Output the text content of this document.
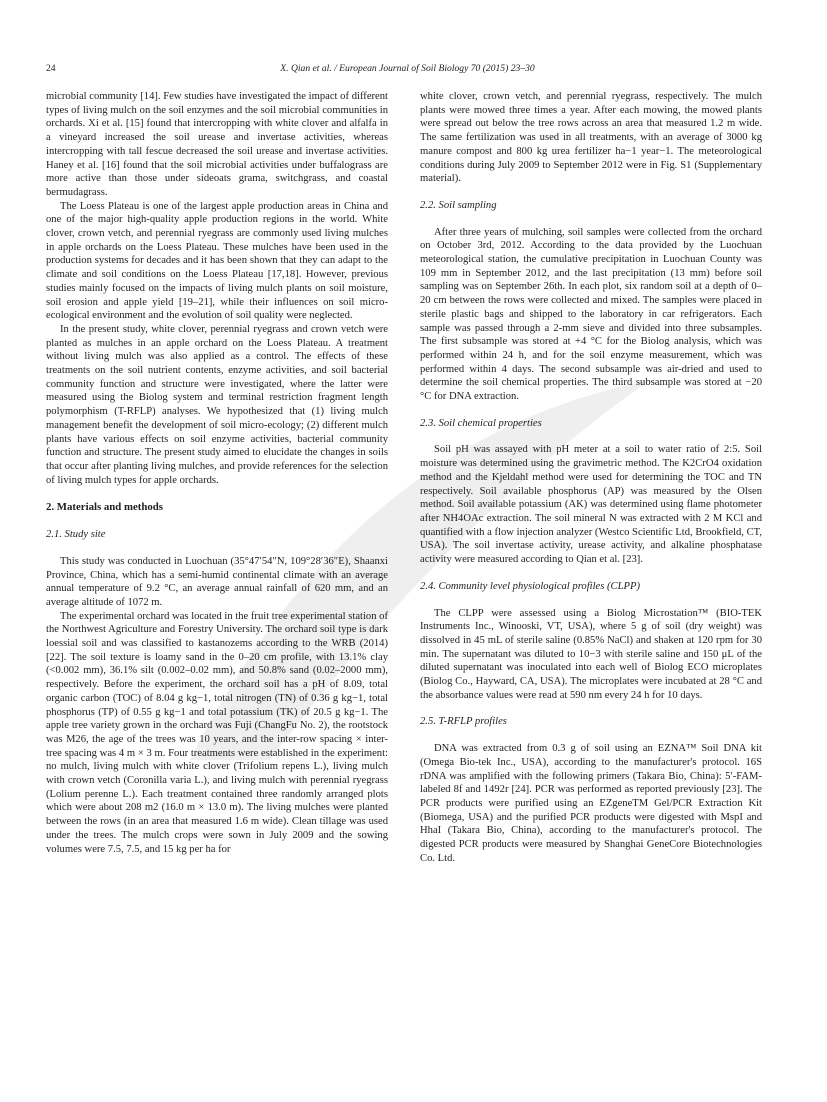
24	X. Qian et al. / European Journal of Soil Biology 70 (2015) 23–30

microbial community [14]. Few studies have investigated the impact of different types of living mulch on the soil enzymes and the soil microbial communities in orchards. Xi et al. [15] found that intercropping with white clover and alfalfa in a vineyard increased the soil urease and invertase activities, whereas intercropping with tall fescue decreased the soil urease and invertase activities. Haney et al. [16] found that the soil microbial activities under buffalograss are more active than those under sideoats grama, switchgrass, and coastal bermudagrass.

The Loess Plateau is one of the largest apple production areas in China and one of the major high-quality apple production regions in the world. White clover, crown vetch, and perennial ryegrass are commonly used living mulches in apple orchards on the Loess Plateau. These mulches have been used in the production systems for decades and it has been shown that they can adapt to the climate and soil conditions on the Loess Plateau [17,18]. However, previous studies mainly focused on the impacts of living mulch plants on soil moisture, soil erosion and apple yield [19–21], while their influences on soil micro-ecological environment and the evolution of soil quality were neglected.

In the present study, white clover, perennial ryegrass and crown vetch were planted as mulches in an apple orchard on the Loess Plateau. A treatment without living mulch was also applied as a control. The effects of these treatments on the soil nutrient contents, enzyme activities, and soil bacterial community function and structure were investigated, where the latter were measured using the Biolog system and terminal restriction fragment length polymorphism (T-RFLP) analyses. We hypothesized that (1) living mulch management benefit the development of soil micro-ecology; (2) different mulch plants have various effects on soil enzyme activities, bacterial community function and structure. The present study aimed to elucidate the changes in soils that occur after planting living mulches, and provide references for the selection of living mulch types for apple orchards.

2. Materials and methods
2.1. Study site

This study was conducted in Luochuan (35°47′54″N, 109°28′36″E), Shaanxi Province, China, which has a semi-humid continental climate with an average annual temperature of 9.2 °C, an average annual rainfall of 620 mm, and an average altitude of 1072 m.

The experimental orchard was located in the fruit tree experimental station of the Northwest Agriculture and Forestry University. The orchard soil type is dark loessial soil and was classified to kastanozems according to the WRB (2014) [22]. The soil texture is loamy sand in the 0–20 cm profile, with 13.1% clay (<0.002 mm), 36.1% silt (0.002–0.02 mm), and 50.8% sand (0.02–2000 mm), respectively. Before the experiment, the orchard soil has a pH of 8.09, total organic carbon (TOC) of 8.04 g kg−1, total nitrogen (TN) of 0.36 g kg−1, total phosphorus (TP) of 0.55 g kg−1 and total potassium (TK) of 20.5 g kg−1. The apple tree variety grown in the orchard was Fuji (ChangFu No. 2), the rootstock was M26, the age of the trees was 10 years, and the inter-row spacing × inter-tree spacing was 4 m × 3 m. Four treatments were established in the experiment: no mulch, living mulch with white clover (Trifolium repens L.), living mulch with crown vetch (Coronilla varia L.), and living mulch with perennial ryegrass (Lolium perenne L.). Each treatment contained three randomly arranged plots which were about 208 m2 (16.0 m × 13.0 m). The living mulches were planted between the rows (in an area that measured 1.6 m wide). Clean tillage was used under the trees. The mulch crops were sown in July 2009 and the sowing volumes were 7.5, 7.5, and 15 kg per ha for

white clover, crown vetch, and perennial ryegrass, respectively. The mulch plants were mowed three times a year. After each mowing, the mowed plants were spread out below the tree rows across an area that measured 1.2 m wide. The same fertilization was used in all treatments, with an average of 3000 kg manure compost and 800 kg urea fertilizer ha−1 year−1. The meteorological conditions during July 2009 to September 2012 were in Fig. S1 (Supplementary material).

2.2. Soil sampling

After three years of mulching, soil samples were collected from the orchard on October 3rd, 2012. According to the data provided by the Luochuan meteorological station, the cumulative precipitation in Luochuan County was 109 mm in September 2012, and the last precipitation (13 mm) before soil sampling was on September 26th. In each plot, six random soil at a depth of 0–20 cm between the rows were collected and mixed. The samples were placed in sterile plastic bags and shipped to the laboratory in car refrigerators. Each sample was passed through a 2-mm sieve and divided into three subsamples. The first subsample was stored at +4 °C for the Biolog analysis, which was performed within 24 h, and for the soil enzyme measurement, which was performed within 4 days. The second subsample was air-dried and used to determine the soil chemical properties. The third subsample was stored at −20 °C for DNA extraction.

2.3. Soil chemical properties

Soil pH was assayed with pH meter at a soil to water ratio of 2:5. Soil moisture was determined using the gravimetric method. The K2CrO4 oxidation method and the Kjeldahl method were used for determining the TOC and TN respectively. Soil available phosphorus (AP) was measured by the Olsen method. Soil available potassium (AK) was determined using flame photometer after NH4OAc extraction. The soil mineral N was extracted with 2 M KCl and quantified with a flow injection analyzer (Westco Scientific Ltd, Brookfield, CT, USA). The soil invertase activity, urease activity, and alkaline phosphatase activity were measured according to Qian et al. [23].

2.4. Community level physiological profiles (CLPP)

The CLPP were assessed using a Biolog Microstation™ (BIO-TEK Instruments Inc., Winooski, VT, USA), where 5 g of soil (dry weight) was dissolved in 45 mL of sterile saline (0.85% NaCl) and shaken at 120 rpm for 30 min. The supernatant was diluted to 10−3 with sterile saline and 150 μL of the diluted supernatant was inoculated into each well of Biolog ECO microplates (Biolog Co., Hayward, CA, USA). The microplates were incubated at 28 °C and the absorbance values were read at 590 nm every 24 h for 10 days.

2.5. T-RFLP profiles

DNA was extracted from 0.3 g of soil using an EZNA™ Soil DNA kit (Omega Bio-tek Inc., USA), according to the manufacturer's protocol. 16S rDNA was amplified with the following primers (Takara Bio, China): 5′-FAM-labeled 8f and 1492r [24]. PCR was performed as reported previously [23]. The PCR products were purified using an EZgeneTM Gel/PCR Extraction Kit (Biomega, USA) and the purified PCR products were digested with MspI and HhaI (Takara Bio, China), according to the manufacturer's protocol. The digested PCR products were measured by Shanghai GeneCore Biotechnologies Co. Ltd.
